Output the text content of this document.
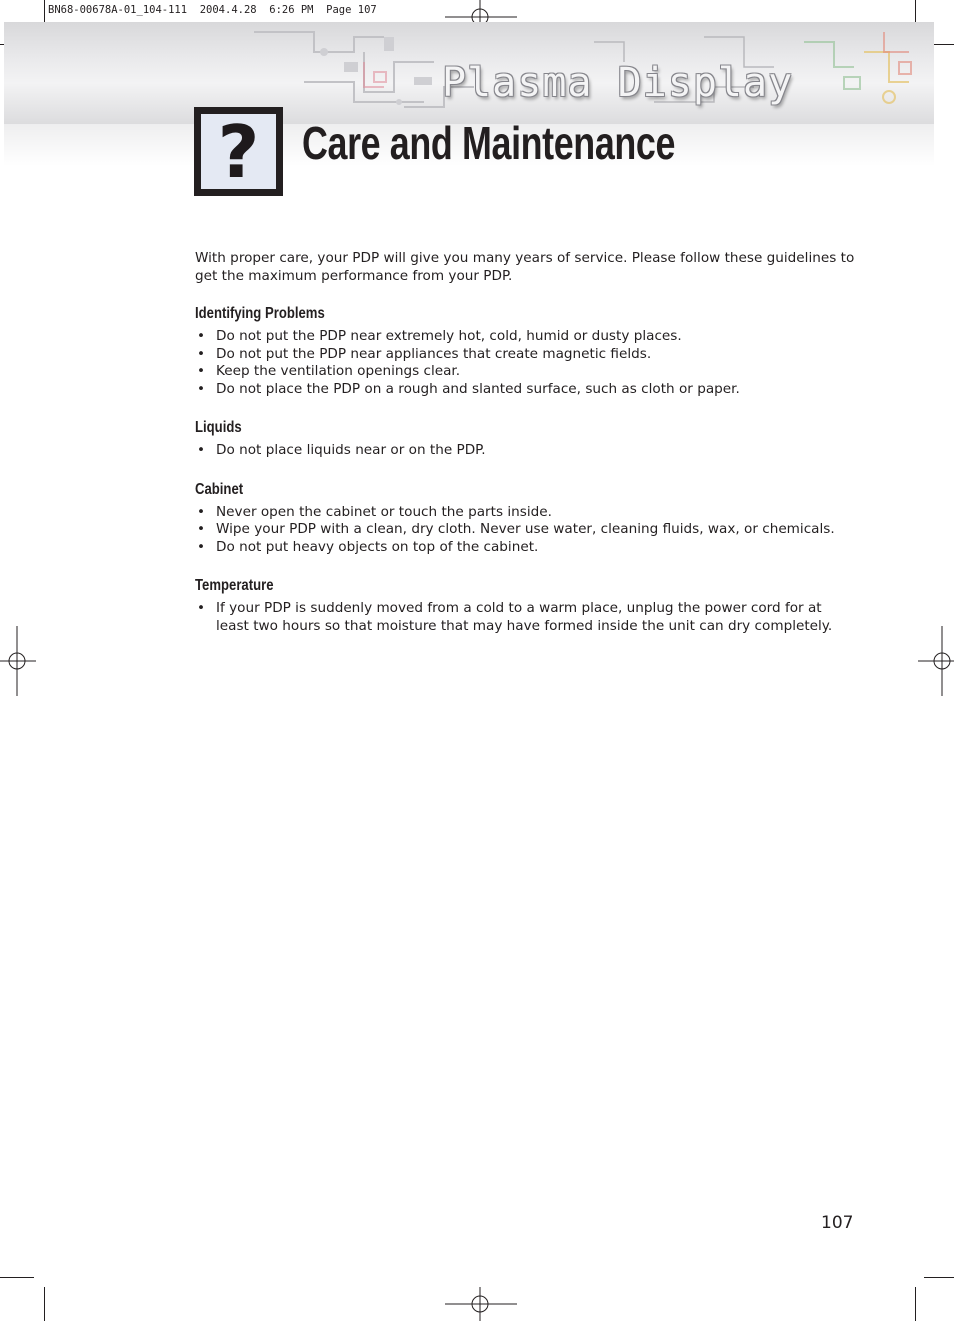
BN68-00678A-01_104-111  2004.4.28  6:26 PM  Page 107
Plasma Display
? Care and Maintenance

With proper care, your PDP will give you many years of service. Please follow these guidelines to get the maximum performance from your PDP.

Identifying Problems
• Do not put the PDP near extremely hot, cold, humid or dusty places.
• Do not put the PDP near appliances that create magnetic fields.
• Keep the ventilation openings clear.
• Do not place the PDP on a rough and slanted surface, such as cloth or paper.
Liquids
• Do not place liquids near or on the PDP.
Cabinet
• Never open the cabinet or touch the parts inside.
• Wipe your PDP with a clean, dry cloth. Never use water, cleaning fluids, wax, or chemicals.
• Do not put heavy objects on top of the cabinet.
Temperature
• If your PDP is suddenly moved from a cold to a warm place, unplug the power cord for at least two hours so that moisture that may have formed inside the unit can dry completely.
107
